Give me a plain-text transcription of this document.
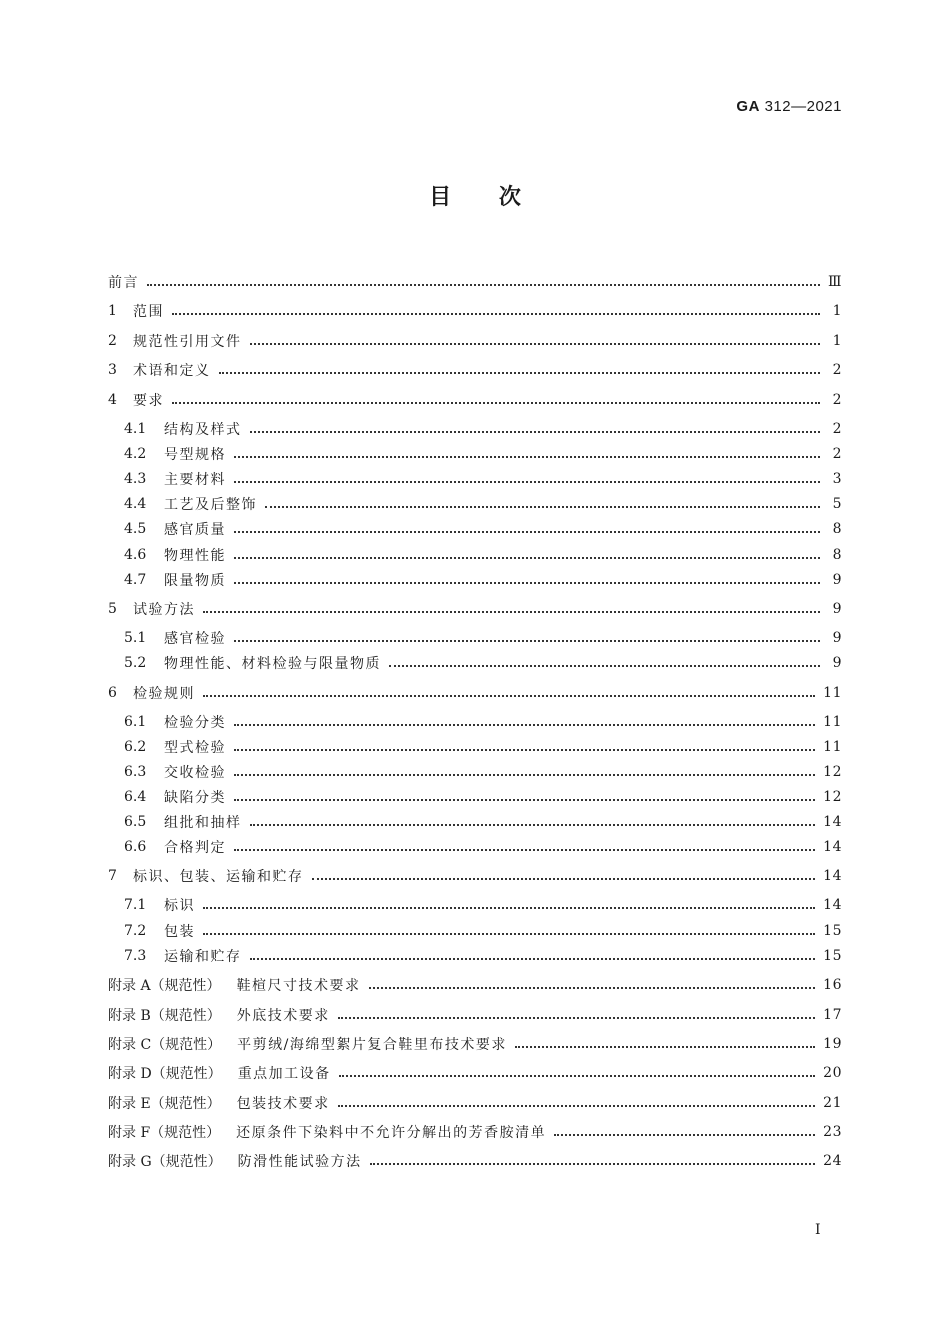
GA 312—2021
目 次
前言	Ⅲ
1	范围	1
2	规范性引用文件	1
3	术语和定义	2
4	要求	2
4.1	结构及样式	2
4.2	号型规格	2
4.3	主要材料	3
4.4	工艺及后整饰	5
4.5	感官质量	8
4.6	物理性能	8
4.7	限量物质	9
5	试验方法	9
5.1	感官检验	9
5.2	物理性能、材料检验与限量物质	9
6	检验规则	11
6.1	检验分类	11
6.2	型式检验	11
6.3	交收检验	12
6.4	缺陷分类	12
6.5	组批和抽样	14
6.6	合格判定	14
7	标识、包装、运输和贮存	14
7.1	标识	14
7.2	包装	15
7.3	运输和贮存	15
附录 A（规范性） 鞋楦尺寸技术要求	16
附录 B（规范性） 外底技术要求	17
附录 C（规范性） 平剪绒/海绵型絮片复合鞋里布技术要求	19
附录 D（规范性） 重点加工设备	20
附录 E（规范性） 包装技术要求	21
附录 F（规范性） 还原条件下染料中不允许分解出的芳香胺清单	23
附录 G（规范性） 防滑性能试验方法	24
I
